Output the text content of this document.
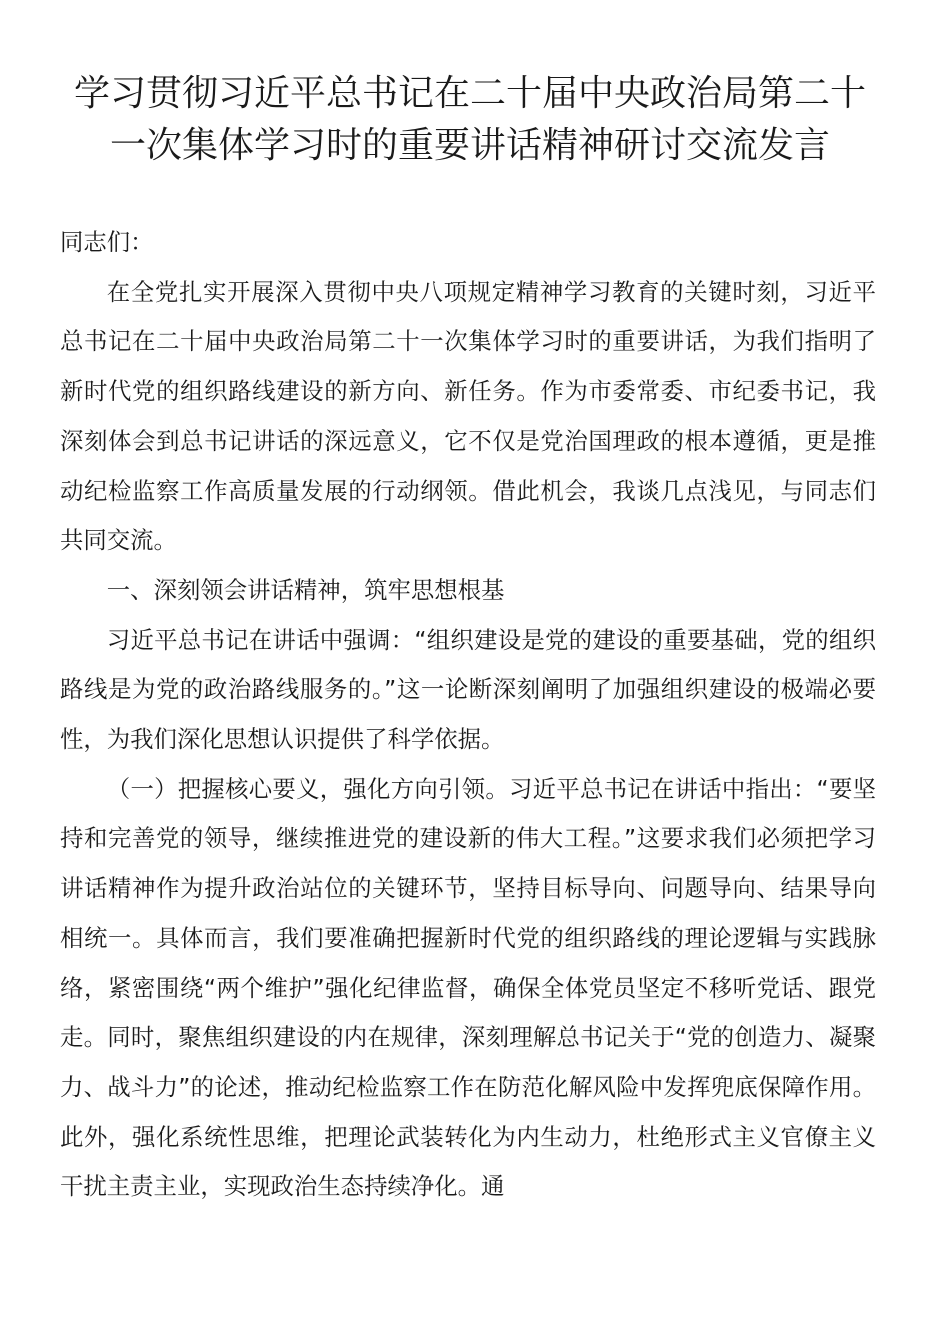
学习贯彻习近平总书记在二十届中央政治局第二十一次集体学习时的重要讲话精神研讨交流发言

同志们：

在全党扎实开展深入贯彻中央八项规定精神学习教育的关键时刻，习近平总书记在二十届中央政治局第二十一次集体学习时的重要讲话，为我们指明了新时代党的组织路线建设的新方向、新任务。作为市委常委、市纪委书记，我深刻体会到总书记讲话的深远意义，它不仅是党治国理政的根本遵循，更是推动纪检监察工作高质量发展的行动纲领。借此机会，我谈几点浅见，与同志们共同交流。

一、深刻领会讲话精神，筑牢思想根基

习近平总书记在讲话中强调：“组织建设是党的建设的重要基础，党的组织路线是为党的政治路线服务的。”这一论断深刻阐明了加强组织建设的极端必要性，为我们深化思想认识提供了科学依据。

（一）把握核心要义，强化方向引领。习近平总书记在讲话中指出：“要坚持和完善党的领导，继续推进党的建设新的伟大工程。”这要求我们必须把学习讲话精神作为提升政治站位的关键环节，坚持目标导向、问题导向、结果导向相统一。具体而言，我们要准确把握新时代党的组织路线的理论逻辑与实践脉络，紧密围绕“两个维护”强化纪律监督，确保全体党员坚定不移听党话、跟党走。同时，聚焦组织建设的内在规律，深刻理解总书记关于“党的创造力、凝聚力、战斗力”的论述，推动纪检监察工作在防范化解风险中发挥兜底保障作用。此外，强化系统性思维，把理论武装转化为内生动力，杜绝形式主义官僚主义干扰主责主业，实现政治生态持续净化。通
